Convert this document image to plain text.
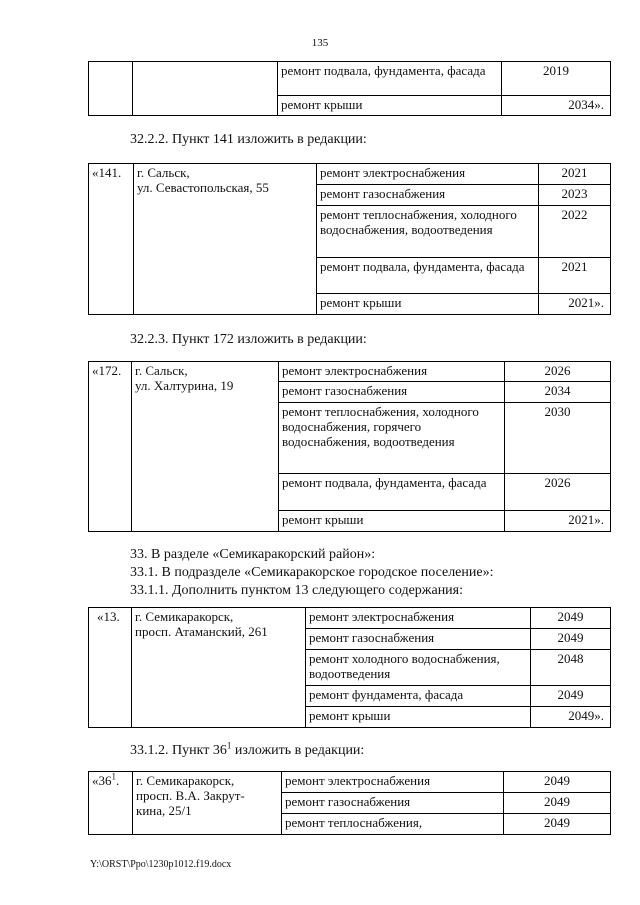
135
		ремонт подвала, фундамента, фасада	2019
		ремонт крыши	2034».
32.2.2. Пункт 141 изложить в редакции:
«141.	г. Сальск,
ул. Севастопольская, 55	ремонт электроснабжения	2021
		ремонт газоснабжения	2023
		ремонт теплоснабжения, холодного водоснабжения, водоотведения	2022
		ремонт подвала, фундамента, фасада	2021
		ремонт крыши	2021».
32.2.3. Пункт 172 изложить в редакции:
«172.	г. Сальск,
ул. Халтурина, 19	ремонт электроснабжения	2026
		ремонт газоснабжения	2034
		ремонт теплоснабжения, холодного водоснабжения, горячего водоснабжения, водоотведения	2030
		ремонт подвала, фундамента, фасада	2026
		ремонт крыши	2021».
33. В разделе «Семикаракорский район»:
33.1. В подразделе «Семикаракорское городское поселение»:
33.1.1. Дополнить пунктом 13 следующего содержания:
«13.	г. Семикаракорск,
просп. Атаманский, 261	ремонт электроснабжения	2049
		ремонт газоснабжения	2049
		ремонт холодного водоснабжения, водоотведения	2048
		ремонт фундамента, фасада	2049
		ремонт крыши	2049».
33.1.2. Пункт $36^1$ изложить в редакции:
«$36^1$.	г. Семикаракорск,
просп. В.А. Закрут-
кина, 25/1	ремонт электроснабжения	2049
		ремонт газоснабжения	2049
		ремонт теплоснабжения,	2049
Y:\ORST\Ppo\1230p1012.f19.docx
